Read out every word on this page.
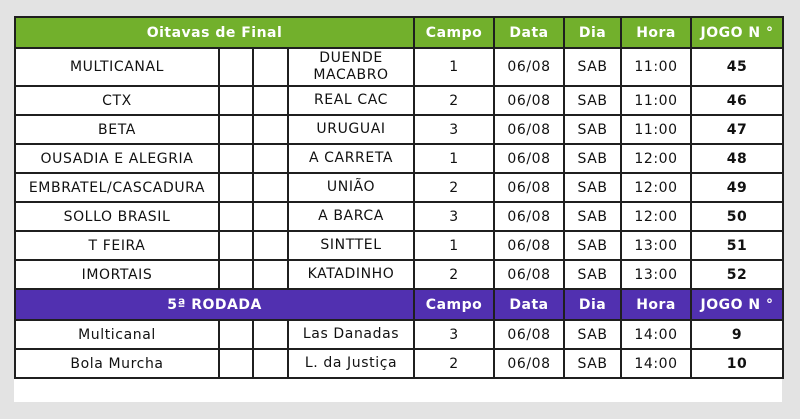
Oitavas de Final				Campo	Data	Dia	Hora	JOGO N °
MULTICANAL			DUENDE MACABRO	1	06/08	SAB	11:00	45
CTX			REAL CAC	2	06/08	SAB	11:00	46
BETA			URUGUAI	3	06/08	SAB	11:00	47
OUSADIA E ALEGRIA			A CARRETA	1	06/08	SAB	12:00	48
EMBRATEL/CASCADURA			UNIÃO	2	06/08	SAB	12:00	49
SOLLO BRASIL			A BARCA	3	06/08	SAB	12:00	50
T FEIRA			SINTTEL	1	06/08	SAB	13:00	51
IMORTAIS			KATADINHO	2	06/08	SAB	13:00	52
5ª RODADA				Campo	Data	Dia	Hora	JOGO N °
Multicanal			Las Danadas	3	06/08	SAB	14:00	9
Bola Murcha			L. da Justiça	2	06/08	SAB	14:00	10
